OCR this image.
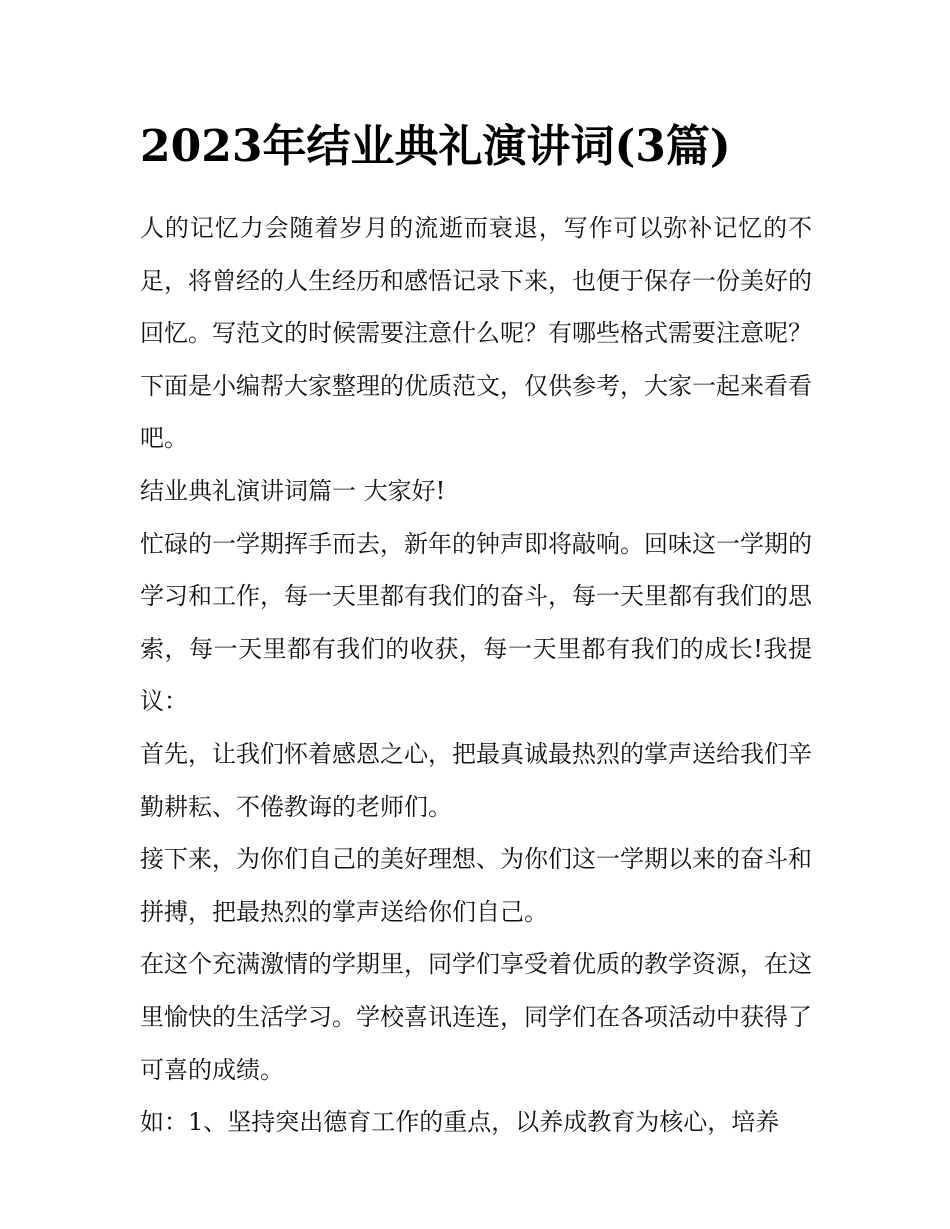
2023年结业典礼演讲词(3篇)

人的记忆力会随着岁月的流逝而衰退，写作可以弥补记忆的不足，将曾经的人生经历和感悟记录下来，也便于保存一份美好的回忆。写范文的时候需要注意什么呢？有哪些格式需要注意呢？下面是小编帮大家整理的优质范文，仅供参考，大家一起来看看吧。

结业典礼演讲词篇一 大家好!

忙碌的一学期挥手而去，新年的钟声即将敲响。回味这一学期的学习和工作，每一天里都有我们的奋斗，每一天里都有我们的思索，每一天里都有我们的收获，每一天里都有我们的成长!我提议：

首先，让我们怀着感恩之心，把最真诚最热烈的掌声送给我们辛勤耕耘、不倦教诲的老师们。

接下来，为你们自己的美好理想、为你们这一学期以来的奋斗和拼搏，把最热烈的掌声送给你们自己。

在这个充满激情的学期里，同学们享受着优质的教学资源，在这里愉快的生活学习。学校喜讯连连，同学们在各项活动中获得了可喜的成绩。

如：1、坚持突出德育工作的重点，以养成教育为核心，培养
